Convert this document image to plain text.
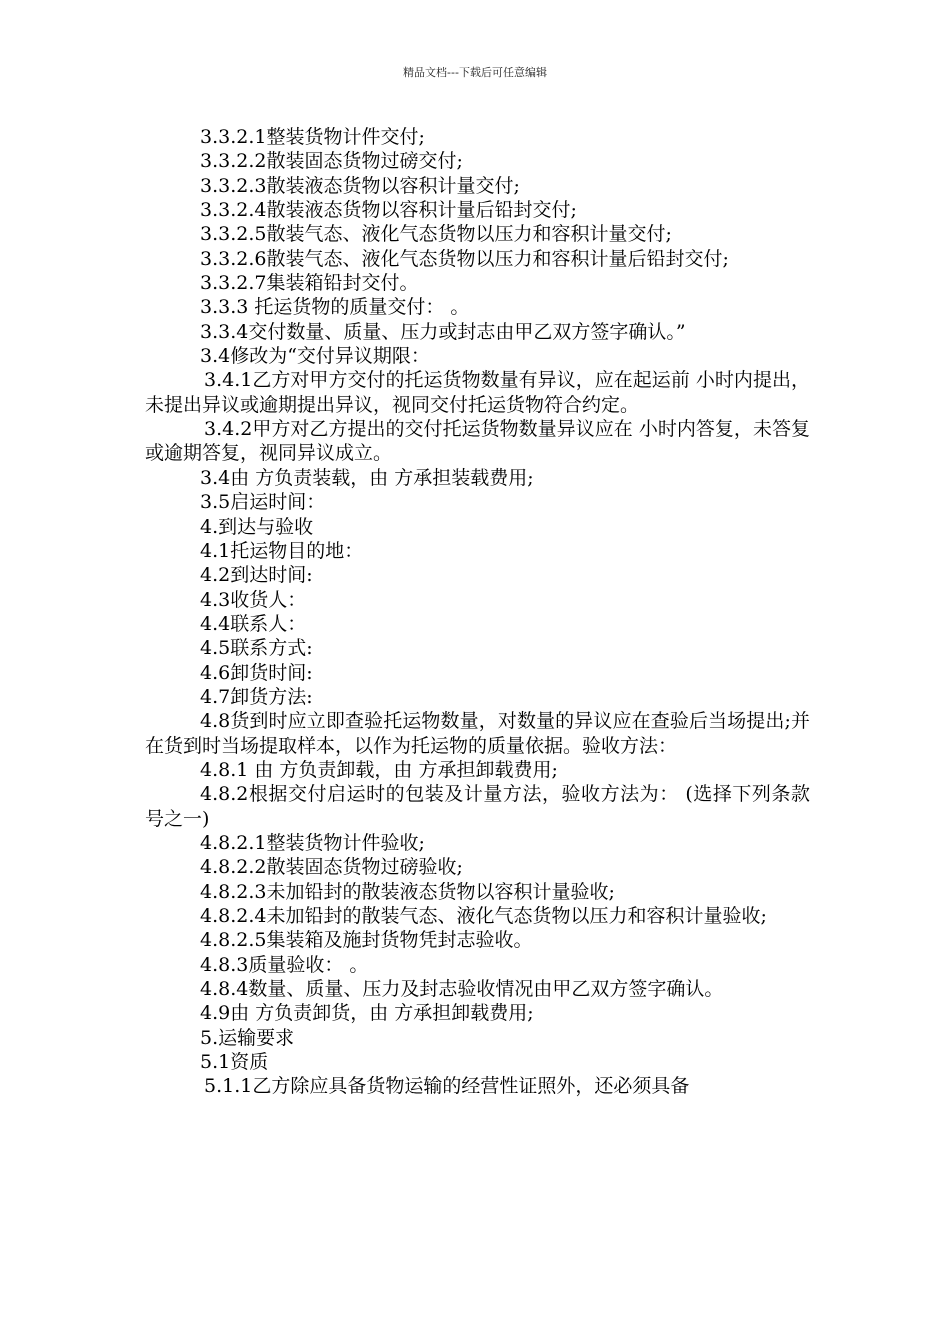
精品文档---下载后可任意编辑

3.3.2.1整装货物计件交付;

3.3.2.2散装固态货物过磅交付;

3.3.2.3散装液态货物以容积计量交付;

3.3.2.4散装液态货物以容积计量后铅封交付;

3.3.2.5散装气态、液化气态货物以压力和容积计量交付;

3.3.2.6散装气态、液化气态货物以压力和容积计量后铅封交付;

3.3.2.7集装箱铅封交付。

3.3.3 托运货物的质量交付： 。

3.3.4交付数量、质量、压力或封志由甲乙双方签字确认。”

3.4修改为“交付异议期限：

3.4.1乙方对甲方交付的托运货物数量有异议，应在起运前 小时内提出，未提出异议或逾期提出异议，视同交付托运货物符合约定。

3.4.2甲方对乙方提出的交付托运货物数量异议应在 小时内答复，未答复或逾期答复，视同异议成立。

3.4由 方负责装载，由 方承担装载费用;

3.5启运时间：

4.到达与验收

4.1托运物目的地：

4.2到达时间:

4.3收货人：

4.4联系人：

4.5联系方式:

4.6卸货时间:

4.7卸货方法:

4.8货到时应立即查验托运物数量，对数量的异议应在查验后当场提出;并在货到时当场提取样本，以作为托运物的质量依据。验收方法：

4.8.1 由 方负责卸载，由 方承担卸载费用;

4.8.2根据交付启运时的包装及计量方法，验收方法为： (选择下列条款号之一)

4.8.2.1整装货物计件验收;

4.8.2.2散装固态货物过磅验收;

4.8.2.3未加铅封的散装液态货物以容积计量验收;

4.8.2.4未加铅封的散装气态、液化气态货物以压力和容积计量验收;

4.8.2.5集装箱及施封货物凭封志验收。

4.8.3质量验收： 。

4.8.4数量、质量、压力及封志验收情况由甲乙双方签字确认。

4.9由 方负责卸货，由 方承担卸载费用;

5.运输要求

5.1资质

5.1.1乙方除应具备货物运输的经营性证照外，还必须具备
